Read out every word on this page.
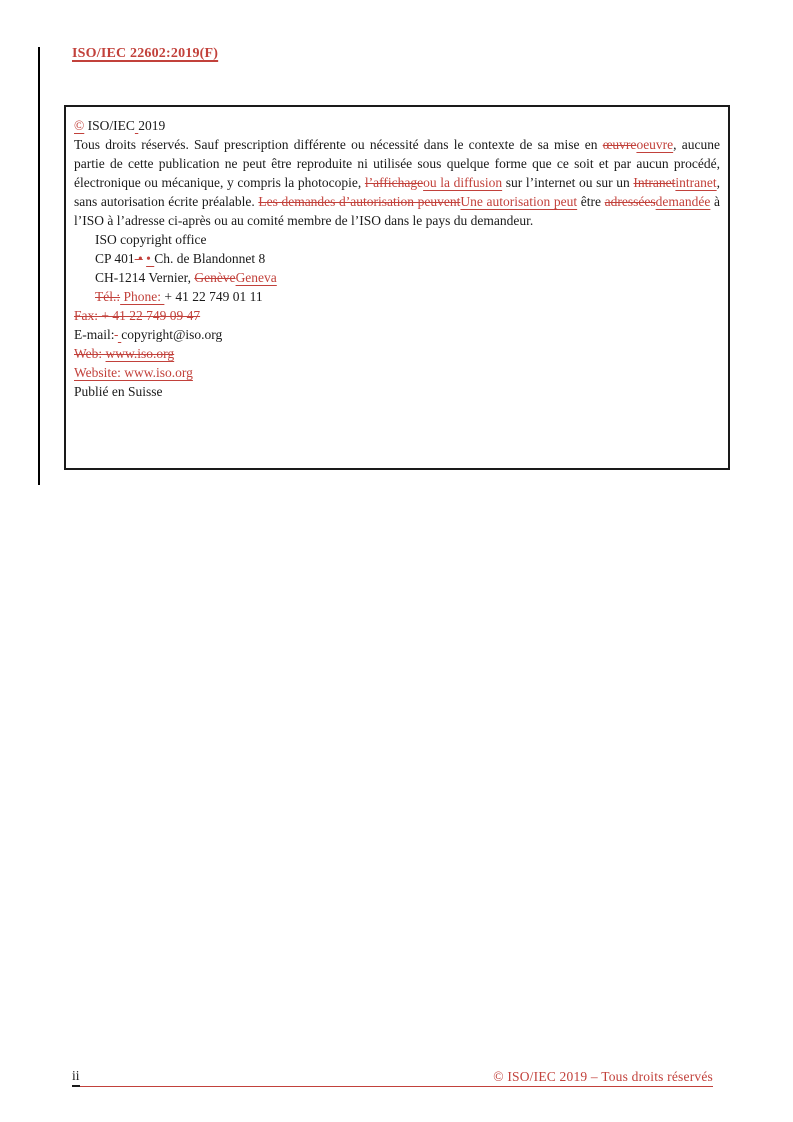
ISO/IEC 22602:2019(F)

© ISO/IEC 2019

Tous droits réservés. Sauf prescription différente ou nécessité dans le contexte de sa mise en œuvreoeuvre, aucune partie de cette publication ne peut être reproduite ni utilisée sous quelque forme que ce soit et par aucun procédé, électronique ou mécanique, y compris la photocopie, l’affichageou la diffusion sur l’internet ou sur un Intranetintranet, sans autorisation écrite préalable. Les demandes d’autorisation peuventUne autorisation peut être adresséesdemandée à l’ISO à l’adresse ci-après ou au comité membre de l’ISO dans le pays du demandeur.

ISO copyright office

CP 401 • • Ch. de Blandonnet 8

CH-1214 Vernier, GenèveGeneva

Tél.: Phone: + 41 22 749 01 11

Fax: + 41 22 749 09 47

E-mail: copyright@iso.org

Web: www.iso.org

Website: www.iso.org

Publié en Suisse

ii	© ISO/IEC 2019 – Tous droits réservés
